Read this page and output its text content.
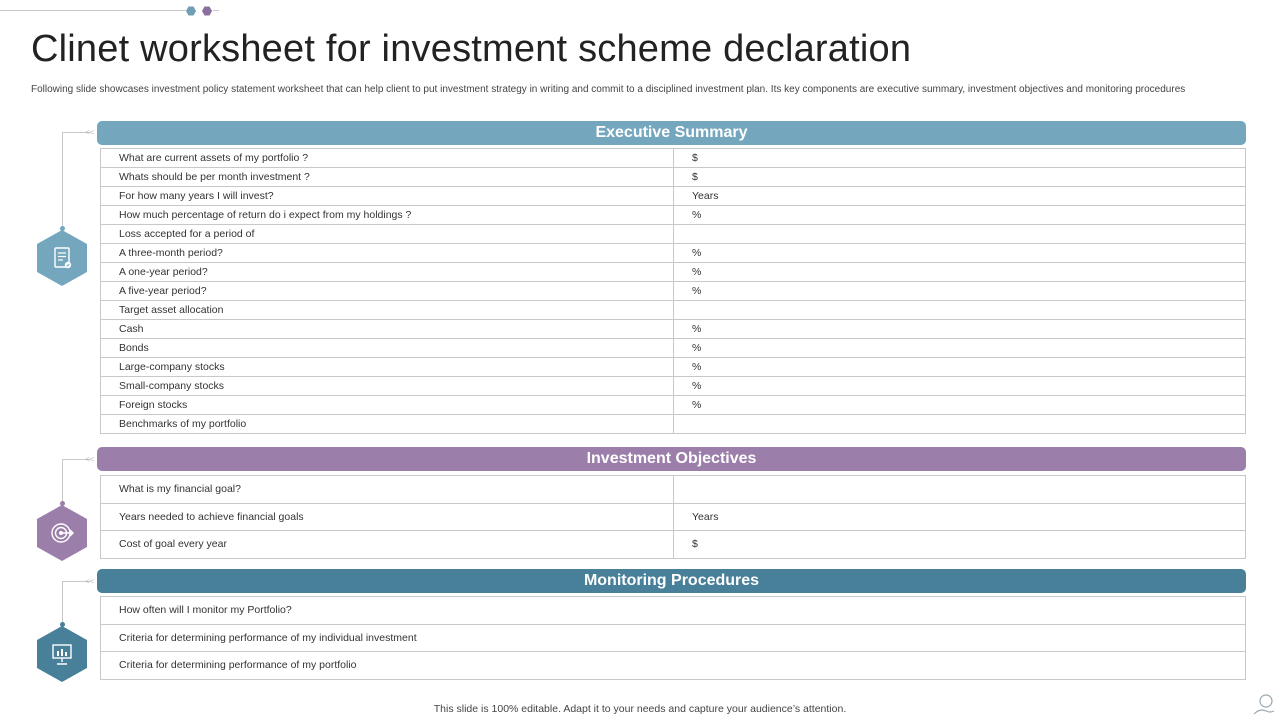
Clinet worksheet for investment scheme declaration
Following slide showcases investment policy statement worksheet that can help client to put investment strategy in writing and commit to a disciplined investment plan. Its key components are executive summary, investment objectives and monitoring procedures
<<	Executive Summary
What are current assets of my portfolio ?	$
Whats should be per month investment ?	$
For how many years I will invest?	Years
How much percentage of return do i expect from my holdings ?	%
Loss accepted for a period of	
A three-month period?	%
A one-year period?	%
A five-year period?	%
Target asset allocation	
Cash	%
Bonds	%
Large-company stocks	%
Small-company stocks	%
Foreign stocks	%
Benchmarks of my portfolio	
<<	Investment Objectives
What is my financial goal?	
Years needed to achieve financial goals	Years
Cost of goal every year	$
<<	Monitoring Procedures
How often will I monitor my Portfolio?
Criteria for determining performance of my individual investment
Criteria for determining performance of my portfolio
This slide is 100% editable. Adapt it to your needs and capture your audience’s attention.
